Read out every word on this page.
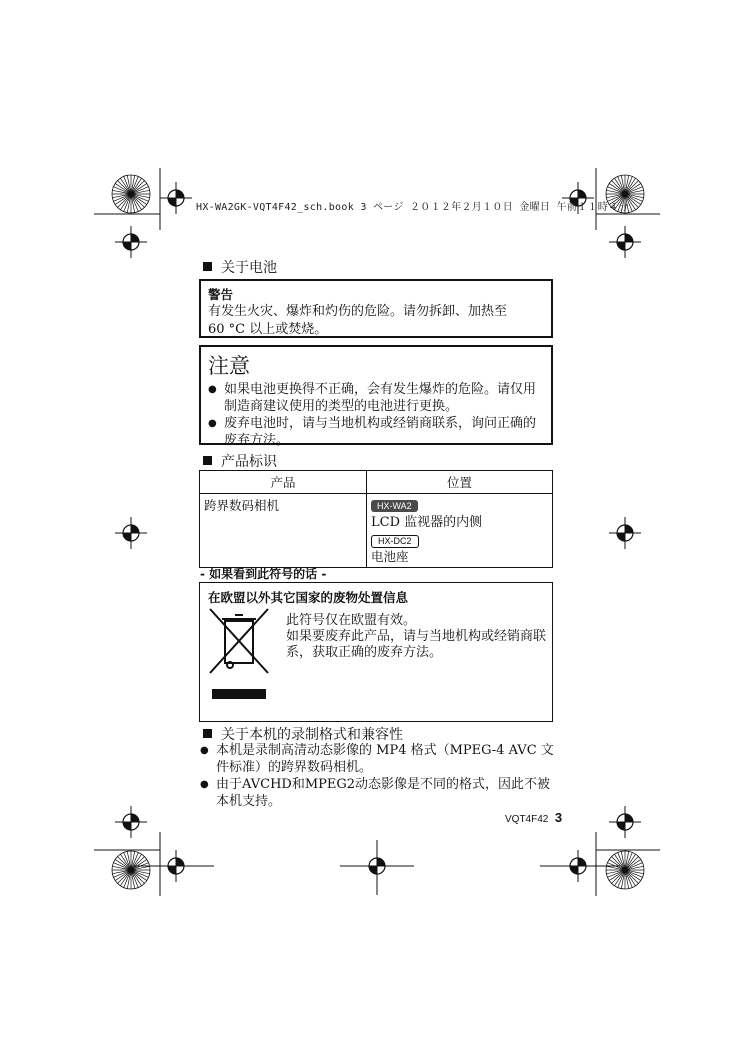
HX-WA2GK-VQT4F42_sch.book 3 ページ ２０１２年２月１０日 金曜日 午前１１時４分
关于电池
警告
有发生火灾、爆炸和灼伤的危险。请勿拆卸、加热至
60 °C 以上或焚烧。
注意
● 如果电池更换得不正确，会有发生爆炸的危险。请仅用制造商建议使用的类型的电池进行更换。
● 废弃电池时，请与当地机构或经销商联系，询问正确的废弃方法。
产品标识
产品	位置
跨界数码相机	HX-WA2
LCD 监视器的内侧
HX-DC2
电池座
- 如果看到此符号的话 -
在欧盟以外其它国家的废物处置信息
此符号仅在欧盟有效。
如果要废弃此产品，请与当地机构或经销商联系，获取正确的废弃方法。
关于本机的录制格式和兼容性
● 本机是录制高清动态影像的 MP4 格式（MPEG-4 AVC 文件标准）的跨界数码相机。
● 由于AVCHD和MPEG2动态影像是不同的格式，因此不被本机支持。
VQT4F42 3
